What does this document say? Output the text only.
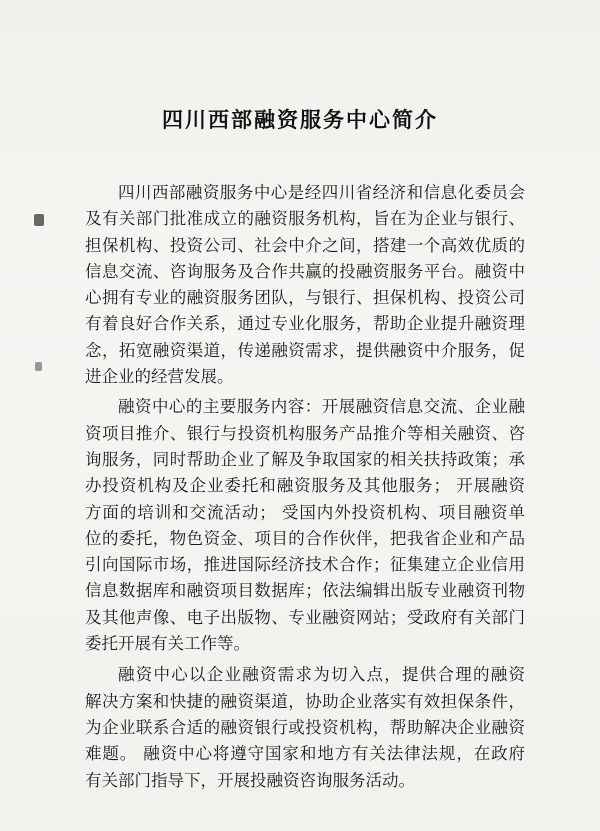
四川西部融资服务中心简介
四川西部融资服务中心是经四川省经济和信息化委员会
及有关部门批准成立的融资服务机构，旨在为企业与银行、
担保机构、投资公司、社会中介之间，搭建一个高效优质的
信息交流、咨询服务及合作共赢的投融资服务平台。融资中
心拥有专业的融资服务团队，与银行、担保机构、投资公司
有着良好合作关系，通过专业化服务，帮助企业提升融资理
念，拓宽融资渠道，传递融资需求，提供融资中介服务，促
进企业的经营发展。
融资中心的主要服务内容：开展融资信息交流、企业融
资项目推介、银行与投资机构服务产品推介等相关融资、咨
询服务，同时帮助企业了解及争取国家的相关扶持政策；承
办投资机构及企业委托和融资服务及其他服务； 开展融资
方面的培训和交流活动； 受国内外投资机构、项目融资单
位的委托，物色资金、项目的合作伙伴，把我省企业和产品
引向国际市场，推进国际经济技术合作；征集建立企业信用
信息数据库和融资项目数据库；依法编辑出版专业融资刊物
及其他声像、电子出版物、专业融资网站；受政府有关部门
委托开展有关工作等。
融资中心以企业融资需求为切入点，提供合理的融资
解决方案和快捷的融资渠道，协助企业落实有效担保条件，
为企业联系合适的融资银行或投资机构，帮助解决企业融资
难题。 融资中心将遵守国家和地方有关法律法规，在政府
有关部门指导下，开展投融资咨询服务活动。
